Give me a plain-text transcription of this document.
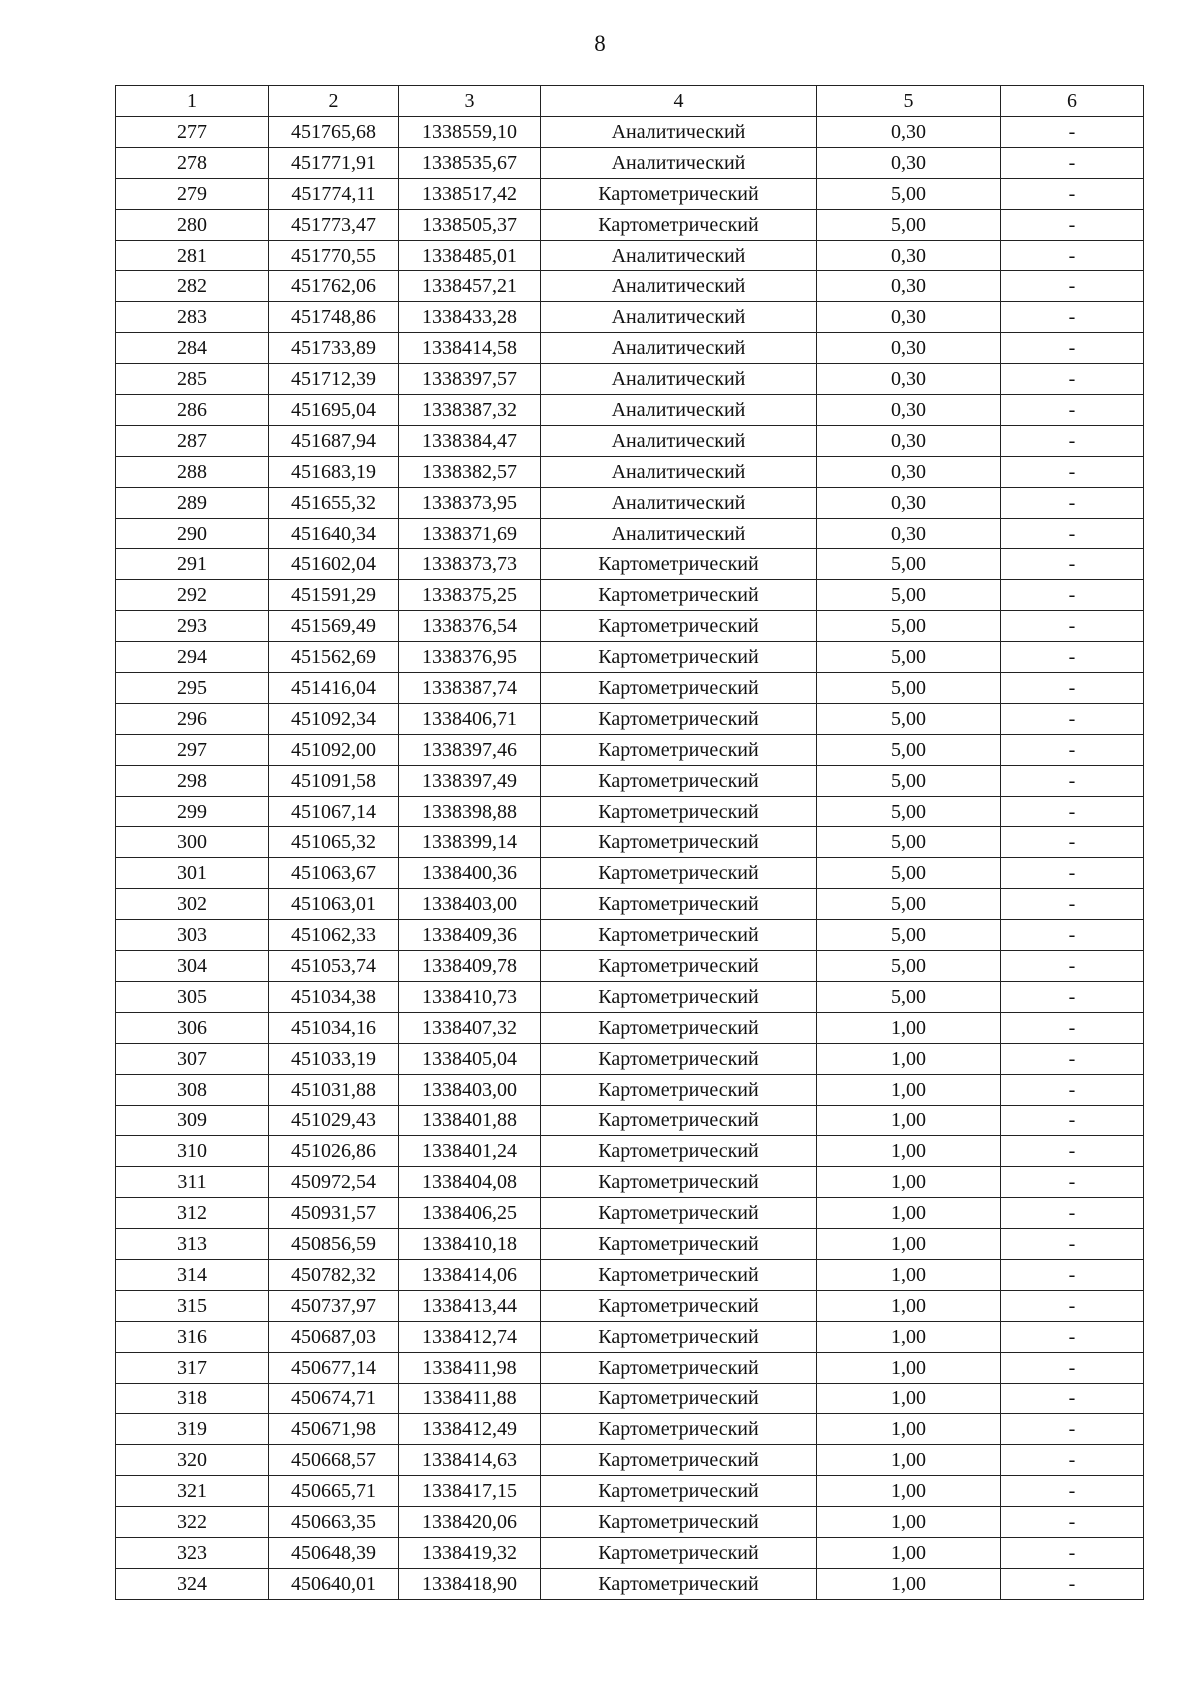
8
1	2	3	4	5	6
277	451765,68	1338559,10	Аналитический	0,30	-
278	451771,91	1338535,67	Аналитический	0,30	-
279	451774,11	1338517,42	Картометрический	5,00	-
280	451773,47	1338505,37	Картометрический	5,00	-
281	451770,55	1338485,01	Аналитический	0,30	-
282	451762,06	1338457,21	Аналитический	0,30	-
283	451748,86	1338433,28	Аналитический	0,30	-
284	451733,89	1338414,58	Аналитический	0,30	-
285	451712,39	1338397,57	Аналитический	0,30	-
286	451695,04	1338387,32	Аналитический	0,30	-
287	451687,94	1338384,47	Аналитический	0,30	-
288	451683,19	1338382,57	Аналитический	0,30	-
289	451655,32	1338373,95	Аналитический	0,30	-
290	451640,34	1338371,69	Аналитический	0,30	-
291	451602,04	1338373,73	Картометрический	5,00	-
292	451591,29	1338375,25	Картометрический	5,00	-
293	451569,49	1338376,54	Картометрический	5,00	-
294	451562,69	1338376,95	Картометрический	5,00	-
295	451416,04	1338387,74	Картометрический	5,00	-
296	451092,34	1338406,71	Картометрический	5,00	-
297	451092,00	1338397,46	Картометрический	5,00	-
298	451091,58	1338397,49	Картометрический	5,00	-
299	451067,14	1338398,88	Картометрический	5,00	-
300	451065,32	1338399,14	Картометрический	5,00	-
301	451063,67	1338400,36	Картометрический	5,00	-
302	451063,01	1338403,00	Картометрический	5,00	-
303	451062,33	1338409,36	Картометрический	5,00	-
304	451053,74	1338409,78	Картометрический	5,00	-
305	451034,38	1338410,73	Картометрический	5,00	-
306	451034,16	1338407,32	Картометрический	1,00	-
307	451033,19	1338405,04	Картометрический	1,00	-
308	451031,88	1338403,00	Картометрический	1,00	-
309	451029,43	1338401,88	Картометрический	1,00	-
310	451026,86	1338401,24	Картометрический	1,00	-
311	450972,54	1338404,08	Картометрический	1,00	-
312	450931,57	1338406,25	Картометрический	1,00	-
313	450856,59	1338410,18	Картометрический	1,00	-
314	450782,32	1338414,06	Картометрический	1,00	-
315	450737,97	1338413,44	Картометрический	1,00	-
316	450687,03	1338412,74	Картометрический	1,00	-
317	450677,14	1338411,98	Картометрический	1,00	-
318	450674,71	1338411,88	Картометрический	1,00	-
319	450671,98	1338412,49	Картометрический	1,00	-
320	450668,57	1338414,63	Картометрический	1,00	-
321	450665,71	1338417,15	Картометрический	1,00	-
322	450663,35	1338420,06	Картометрический	1,00	-
323	450648,39	1338419,32	Картометрический	1,00	-
324	450640,01	1338418,90	Картометрический	1,00	-
